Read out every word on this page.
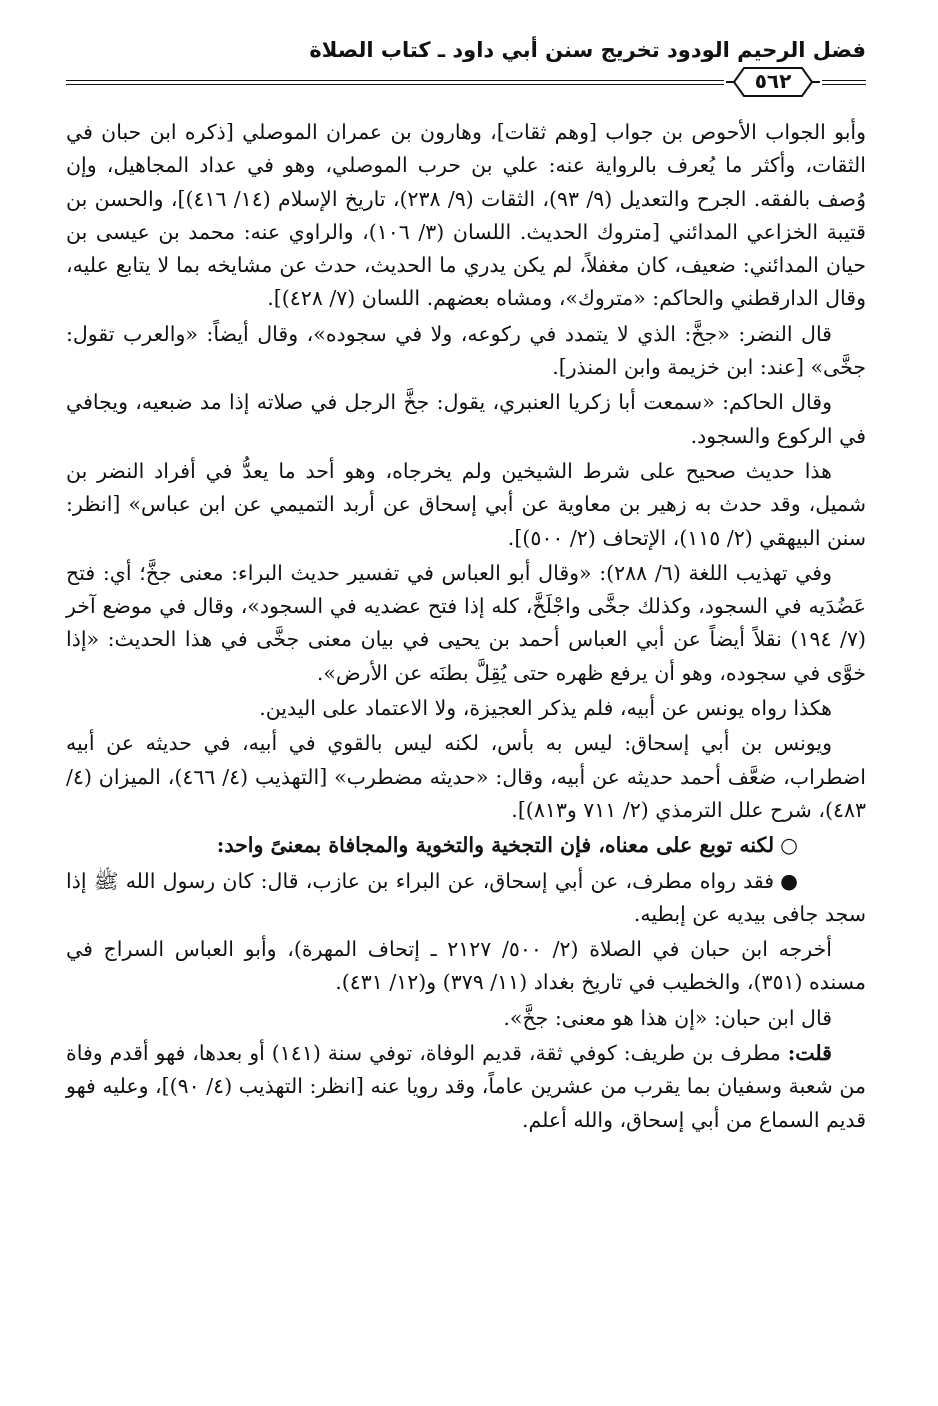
فضل الرحيم الودود تخريج سنن أبي داود ـ كتاب الصلاة
٥٦٢

وأبو الجواب الأحوص بن جواب [وهم ثقات]، وهارون بن عمران الموصلي [ذكره ابن حبان في الثقات، وأكثر ما يُعرف بالرواية عنه: علي بن حرب الموصلي، وهو في عداد المجاهيل، وإن وُصف بالفقه. الجرح والتعديل (٩/ ٩٣)، الثقات (٩/ ٢٣٨)، تاريخ الإسلام (١٤/ ٤١٦)]، والحسن بن قتيبة الخزاعي المدائني [متروك الحديث. اللسان (٣/ ١٠٦)، والراوي عنه: محمد بن عيسى بن حيان المدائني: ضعيف، كان مغفلاً، لم يكن يدري ما الحديث، حدث عن مشايخه بما لا يتابع عليه، وقال الدارقطني والحاكم: «متروك»، ومشاه بعضهم. اللسان (٧/ ٤٢٨)].

قال النضر: «جخَّ: الذي لا يتمدد في ركوعه، ولا في سجوده»، وقال أيضاً: «والعرب تقول: جخَّى» [عند: ابن خزيمة وابن المنذر].

وقال الحاكم: «سمعت أبا زكريا العنبري، يقول: جخَّ الرجل في صلاته إذا مد ضبعيه، ويجافي في الركوع والسجود.

هذا حديث صحيح على شرط الشيخين ولم يخرجاه، وهو أحد ما يعدُّ في أفراد النضر بن شميل، وقد حدث به زهير بن معاوية عن أبي إسحاق عن أربد التميمي عن ابن عباس» [انظر: سنن البيهقي (٢/ ١١٥)، الإتحاف (٢/ ٥٠٠)].

وفي تهذيب اللغة (٦/ ٢٨٨): «وقال أبو العباس في تفسير حديث البراء: معنى جخَّ؛ أي: فتح عَضُدَيه في السجود، وكذلك جخَّى واجْلَخَّ، كله إذا فتح عضديه في السجود»، وقال في موضع آخر (٧/ ١٩٤) نقلاً أيضاً عن أبي العباس أحمد بن يحيى في بيان معنى جخَّى في هذا الحديث: «إذا خوَّى في سجوده، وهو أن يرفع ظهره حتى يُقِلَّ بطنَه عن الأرض».

هكذا رواه يونس عن أبيه، فلم يذكر العجيزة، ولا الاعتماد على اليدين.

ويونس بن أبي إسحاق: ليس به بأس، لكنه ليس بالقوي في أبيه، في حديثه عن أبيه اضطراب، ضعَّف أحمد حديثه عن أبيه، وقال: «حديثه مضطرب» [التهذيب (٤/ ٤٦٦)، الميزان (٤/ ٤٨٣)، شرح علل الترمذي (٢/ ٧١١ و٨١٣)].

○لكنه توبع على معناه، فإن التجخية والتخوية والمجافاة بمعنىً واحد:

●فقد رواه مطرف، عن أبي إسحاق، عن البراء بن عازب، قال: كان رسول الله ﷺ إذا سجد جافى بيديه عن إبطيه.

أخرجه ابن حبان في الصلاة (٢/ ٥٠٠/ ٢١٢٧ ـ إتحاف المهرة)، وأبو العباس السراج في مسنده (٣٥١)، والخطيب في تاريخ بغداد (١١/ ٣٧٩) و(١٢/ ٤٣١).

قال ابن حبان: «إن هذا هو معنى: جخَّ».

قلت: مطرف بن طريف: كوفي ثقة، قديم الوفاة، توفي سنة (١٤١) أو بعدها، فهو أقدم وفاة من شعبة وسفيان بما يقرب من عشرين عاماً، وقد رويا عنه [انظر: التهذيب (٤/ ٩٠)]، وعليه فهو قديم السماع من أبي إسحاق، والله أعلم.
